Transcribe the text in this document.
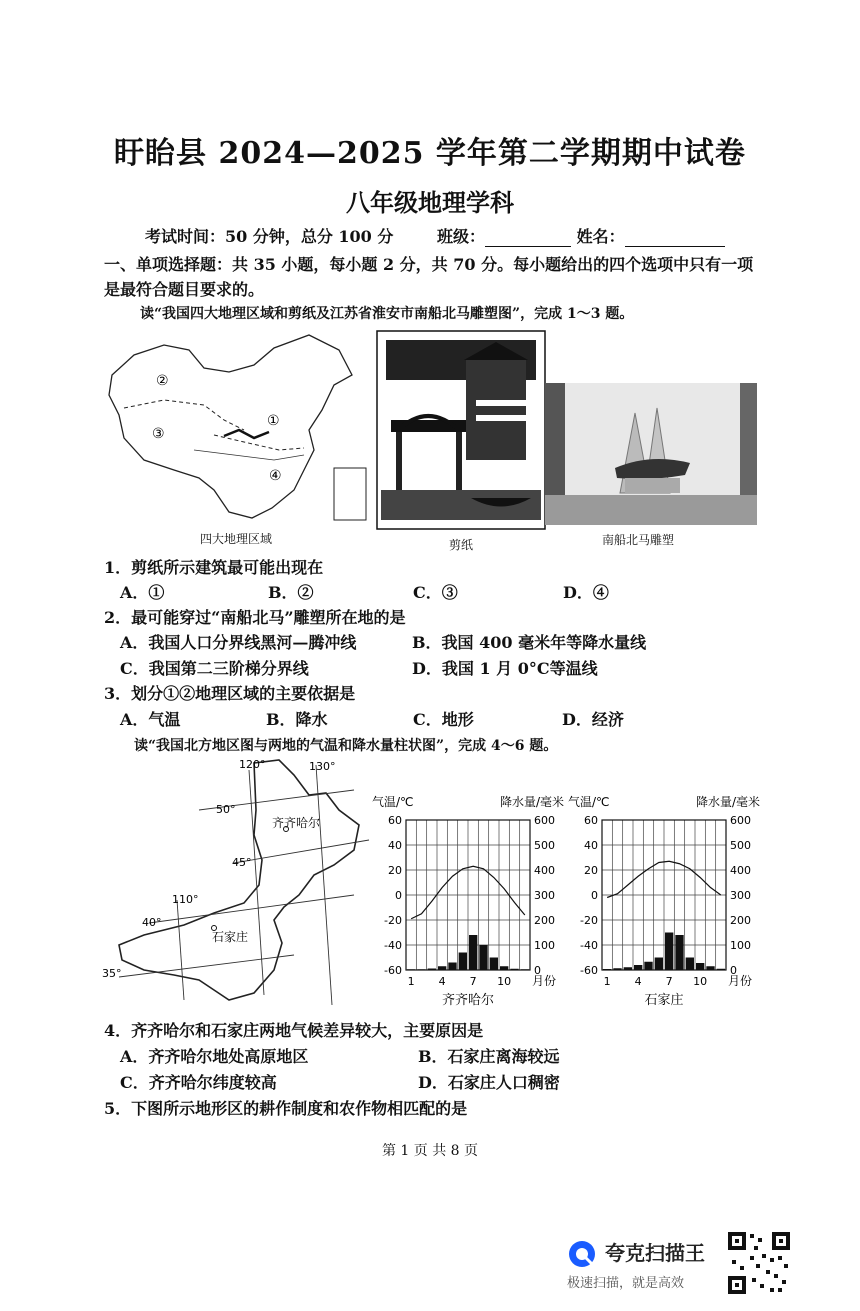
盱眙县 2024—2025 学年第二学期期中试卷
八年级地理学科
考试时间：50 分钟，总分 100 分	班级：	姓名：
一、单项选择题：共 35 小题，每小题 2 分，共 70 分。每小题给出的四个选项中只有一项
是最符合题目要求的。
读“我国四大地理区域和剪纸及江苏省淮安市南船北马雕塑图”，完成 1～3 题。
②
③
①
④
四大地理区域	剪纸	南船北马雕塑
1．剪纸所示建筑最可能出现在
A．①	B．②	C．③	D．④
2．最可能穿过“南船北马”雕塑所在地的是
A．我国人口分界线黑河—腾冲线	B．我国 400 毫米年等降水量线
C．我国第二三阶梯分界线	D．我国 1 月 0°C等温线
3．划分①②地理区域的主要依据是
A．气温	B．降水	C．地形	D．经济
读“我国北方地区图与两地的气温和降水量柱状图”，完成 4～6 题。
120°	130°
110°
50°
45°
40°
35°
齐齐哈尔
石家庄
气温/℃	降水量/毫米
60
40
20
0
-20
-40
-60
600
500
400
300
200
100
0
1 4 7 10 月份
齐齐哈尔
气温/℃	降水量/毫米
60
40
20
0
-20
-40
-60
600
500
400
300
200
100
0
1 4 7 10 月份
石家庄
4．齐齐哈尔和石家庄两地气候差异较大，主要原因是
A．齐齐哈尔地处高原地区	B．石家庄离海较远
C．齐齐哈尔纬度较高	D．石家庄人口稠密
5．下图所示地形区的耕作制度和农作物相匹配的是
第 1 页 共 8 页
夸克扫描王
极速扫描，就是高效
